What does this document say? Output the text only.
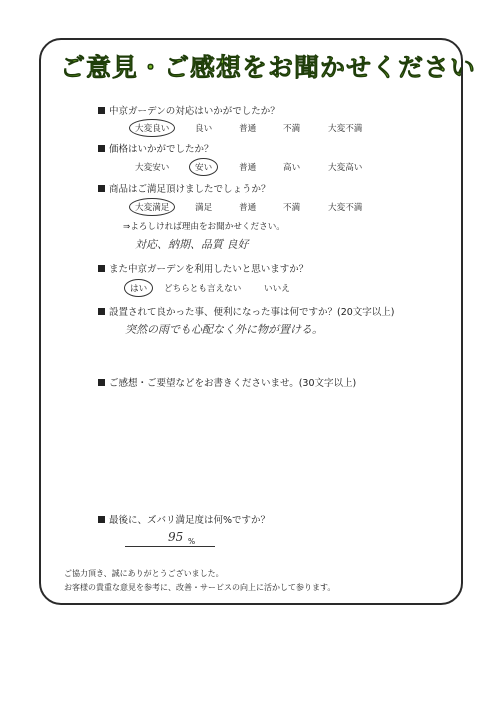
ご意見・ご感想をお聞かせください
中京ガーデンの対応はいかがでしたか？
大変良い	良い	普通	不満	大変不満
価格はいかがでしたか？
大変安い	安い	普通	高い	大変高い
商品はご満足頂けましたでしょうか？
大変満足	満足	普通	不満	大変不満
⇒よろしければ理由をお聞かせください。
対応、納期、品質 良好
また中京ガーデンを利用したいと思いますか？
はい	どちらとも言えない	いいえ
設置されて良かった事、便利になった事は何ですか？(20文字以上)
突然の雨でも心配なく外に物が置ける。
ご感想・ご要望などをお書きくださいませ。(30文字以上)
最後に、ズバリ満足度は何%ですか？
95 %
ご協力頂き、誠にありがとうございました。
お客様の貴重な意見を参考に、改善・サービスの向上に活かして参ります。
